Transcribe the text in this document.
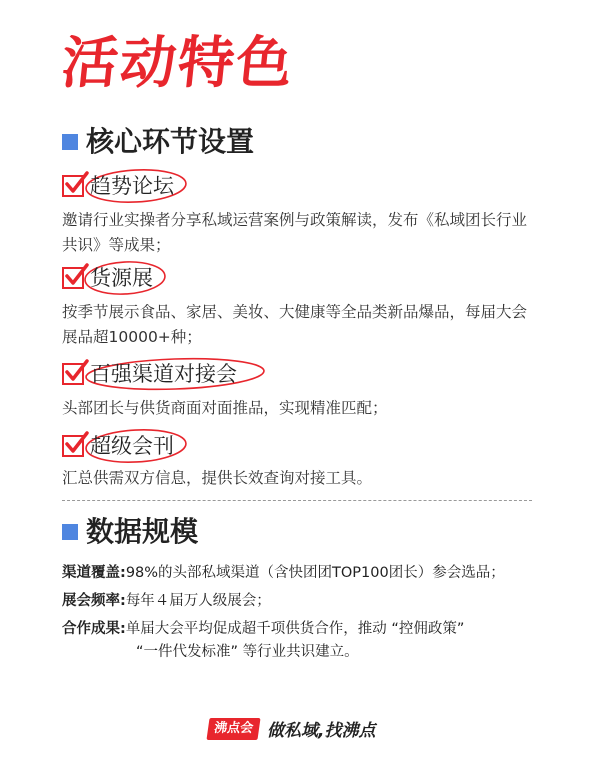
活动特色
核心环节设置
趋势论坛

邀请行业实操者分享私域运营案例与政策解读，发布《私域团长行业共识》等成果；

货源展

按季节展示食品、家居、美妆、大健康等全品类新品爆品，每届大会展品超10000+种；

百强渠道对接会

头部团长与供货商面对面推品，实现精准匹配；

超级会刊

汇总供需双方信息，提供长效查询对接工具。

数据规模
渠道覆盖:98%的头部私域渠道（含快团团TOP100团长）参会选品；
展会频率:每年４届万人级展会；
合作成果:单届大会平均促成超千项供货合作，推动 “控佣政策”
“一件代发标准” 等行业共识建立。
沸点会 做私域,找沸点
